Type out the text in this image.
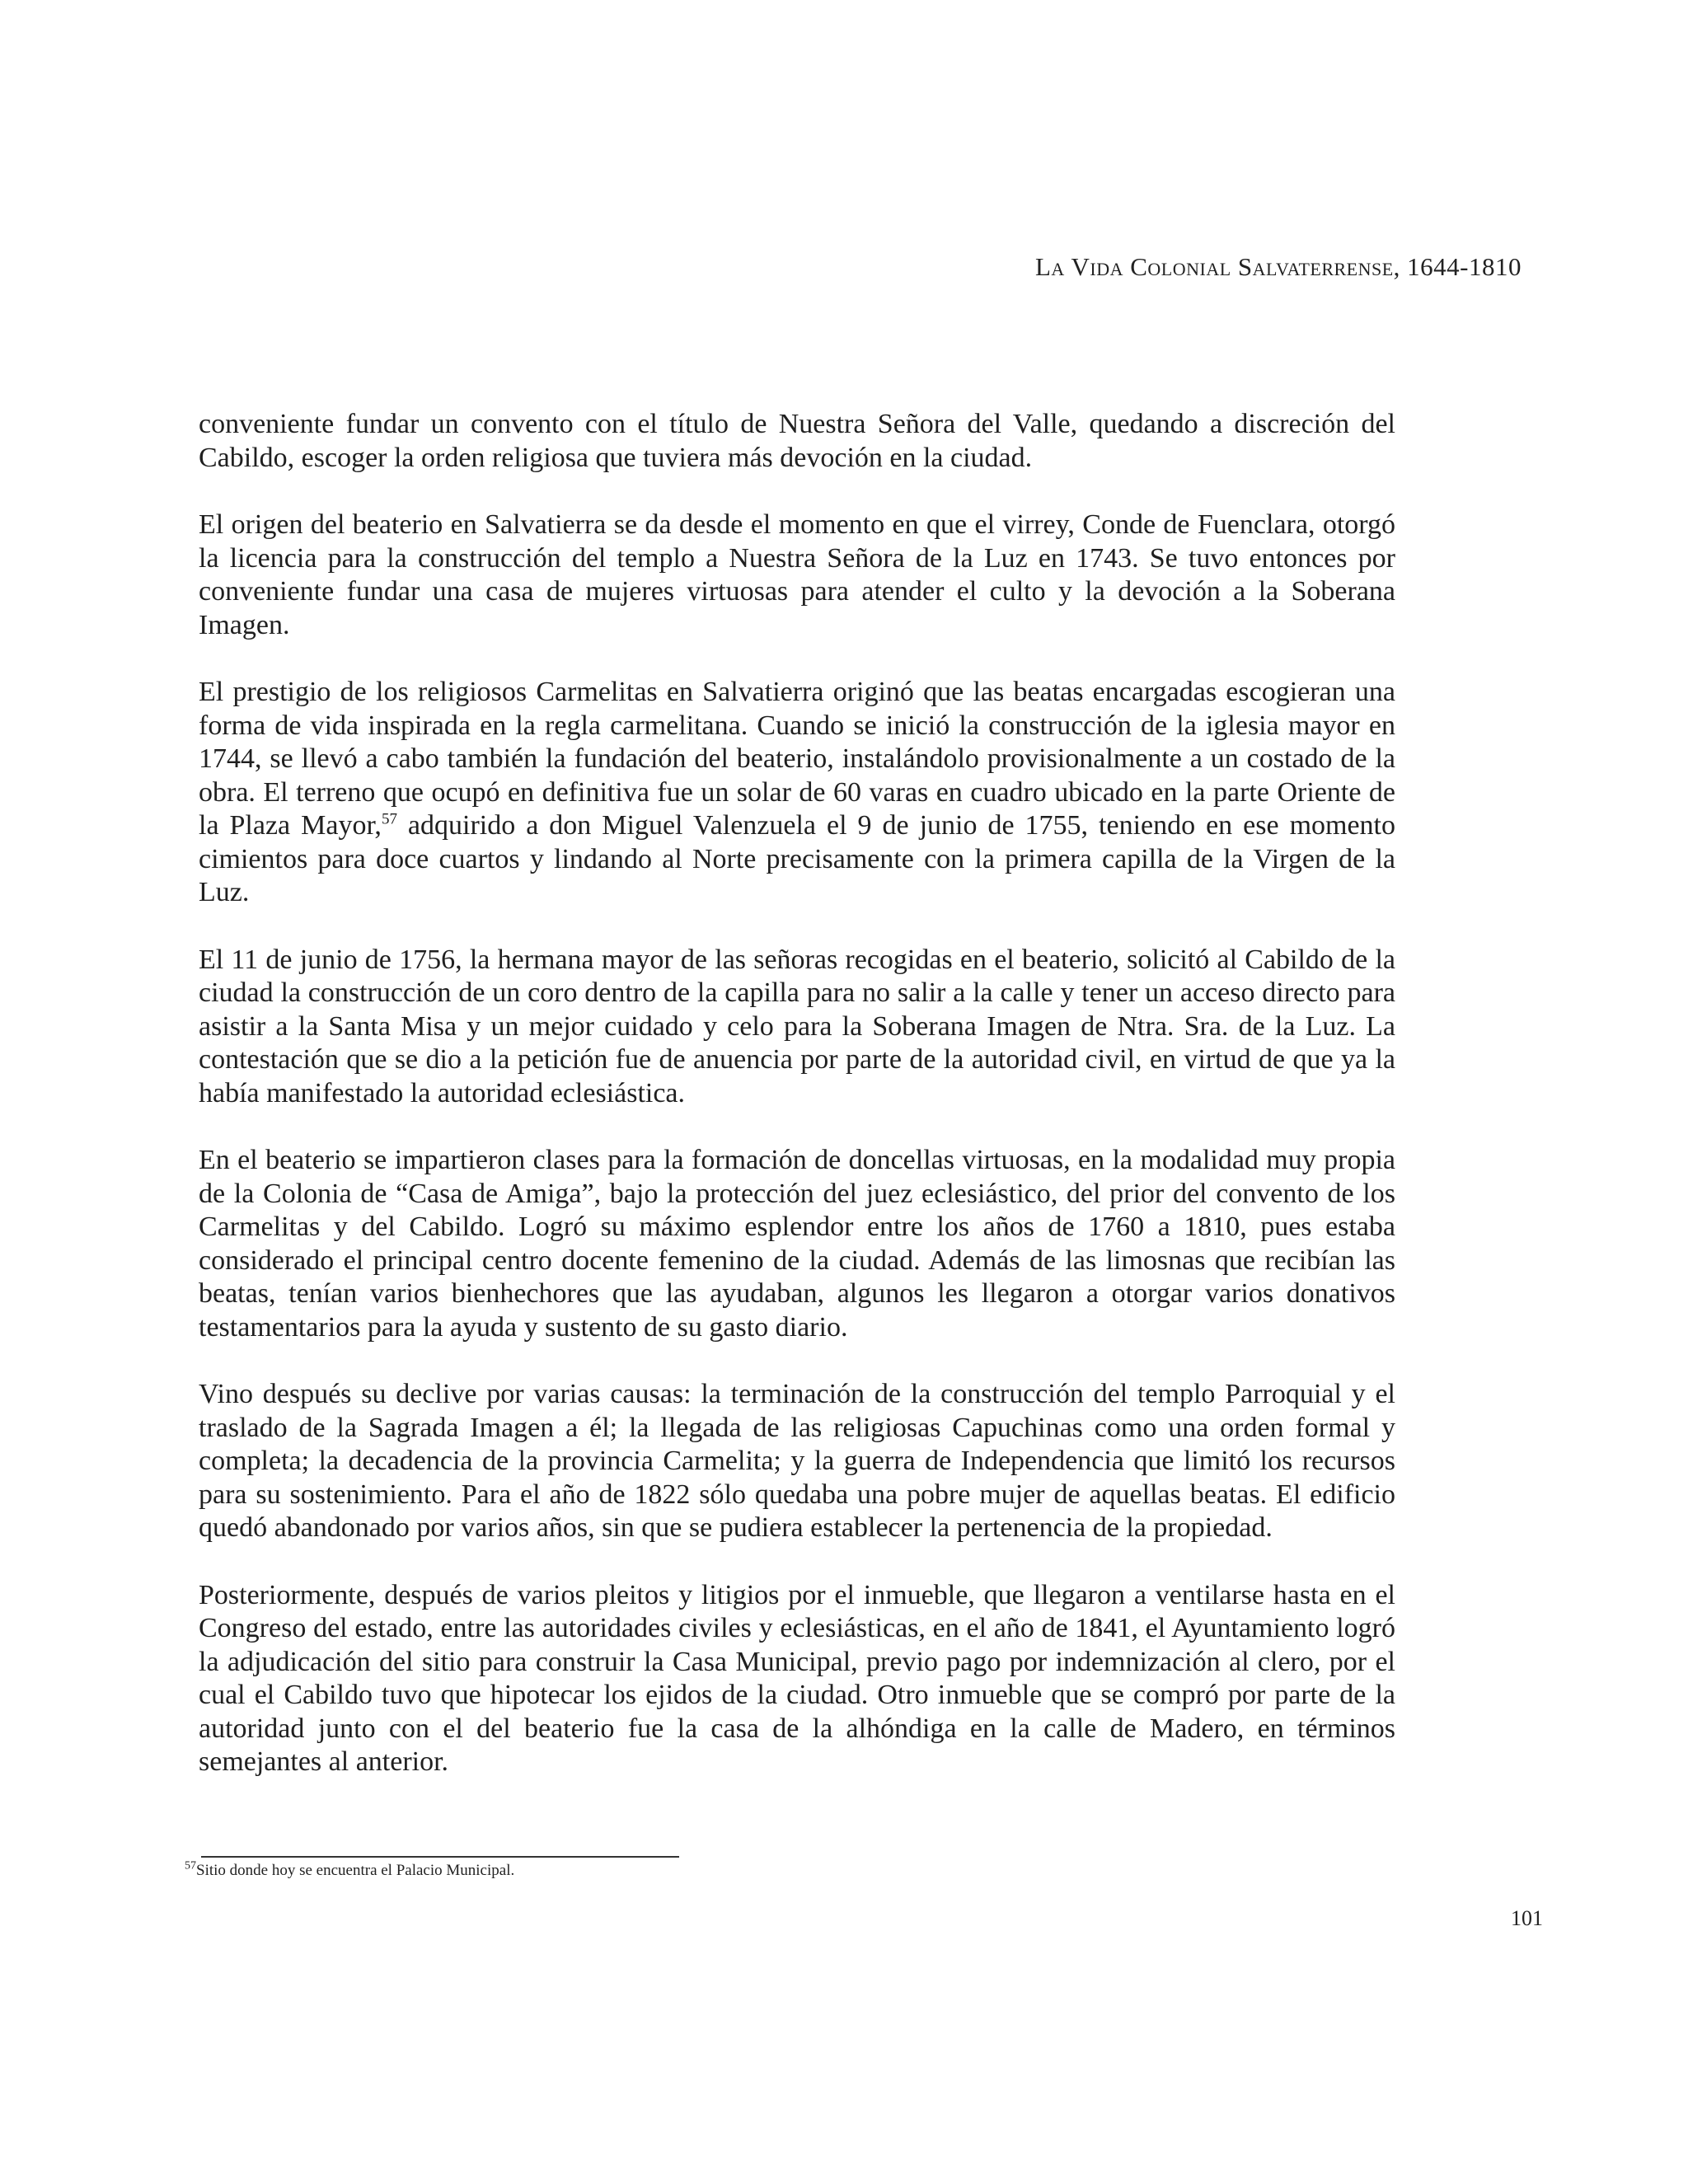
La Vida Colonial Salvaterrense, 1644-1810

conveniente fundar un convento con el título de Nuestra Señora del Valle, quedando a discreción del Cabildo, escoger la orden religiosa que tuviera más devoción en la ciudad.

El origen del beaterio en Salvatierra se da desde el momento en que el virrey, Conde de Fuenclara, otorgó la licencia para la construcción del templo a Nuestra Señora de la Luz en 1743. Se tuvo entonces por conveniente fundar una casa de mujeres virtuosas para atender el culto y la devoción a la Soberana Imagen.

El prestigio de los religiosos Carmelitas en Salvatierra originó que las beatas encargadas escogieran una forma de vida inspirada en la regla carmelitana. Cuando se inició la construcción de la iglesia mayor en 1744, se llevó a cabo también la fundación del beaterio, instalándolo provisionalmente a un costado de la obra. El terreno que ocupó en definitiva fue un solar de 60 varas en cuadro ubicado en la parte Oriente de la Plaza Mayor,$^{57}$ adquirido a don Miguel Valenzuela el 9 de junio de 1755, teniendo en ese momento cimientos para doce cuartos y lindando al Norte precisamente con la primera capilla de la Virgen de la Luz.

El 11 de junio de 1756, la hermana mayor de las señoras recogidas en el beaterio, solicitó al Cabildo de la ciudad la construcción de un coro dentro de la capilla para no salir a la calle y tener un acceso directo para asistir a la Santa Misa y un mejor cuidado y celo para la Soberana Imagen de Ntra. Sra. de la Luz. La contestación que se dio a la petición fue de anuencia por parte de la autoridad civil, en virtud de que ya la había manifestado la autoridad eclesiástica.

En el beaterio se impartieron clases para la formación de doncellas virtuosas, en la modalidad muy propia de la Colonia de “Casa de Amiga”, bajo la protección del juez eclesiástico, del prior del convento de los Carmelitas y del Cabildo. Logró su máximo esplendor entre los años de 1760 a 1810, pues estaba considerado el principal centro docente femenino de la ciudad. Además de las limosnas que recibían las beatas, tenían varios bienhechores que las ayudaban, algunos les llegaron a otorgar varios donativos testamentarios para la ayuda y sustento de su gasto diario.

Vino después su declive por varias causas: la terminación de la construcción del templo Parroquial y el traslado de la Sagrada Imagen a él; la llegada de las religiosas Capuchinas como una orden formal y completa; la decadencia de la provincia Carmelita; y la guerra de Independencia que limitó los recursos para su sostenimiento. Para el año de 1822 sólo quedaba una pobre mujer de aquellas beatas. El edificio quedó abandonado por varios años, sin que se pudiera establecer la pertenencia de la propiedad.

Posteriormente, después de varios pleitos y litigios por el inmueble, que llegaron a ventilarse hasta en el Congreso del estado, entre las autoridades civiles y eclesiásticas, en el año de 1841, el Ayuntamiento logró la adjudicación del sitio para construir la Casa Municipal, previo pago por indemnización al clero, por el cual el Cabildo tuvo que hipotecar los ejidos de la ciudad. Otro inmueble que se compró por parte de la autoridad junto con el del beaterio fue la casa de la alhóndiga en la calle de Madero, en términos semejantes al anterior.

$^{57}$Sitio donde hoy se encuentra el Palacio Municipal.
101
